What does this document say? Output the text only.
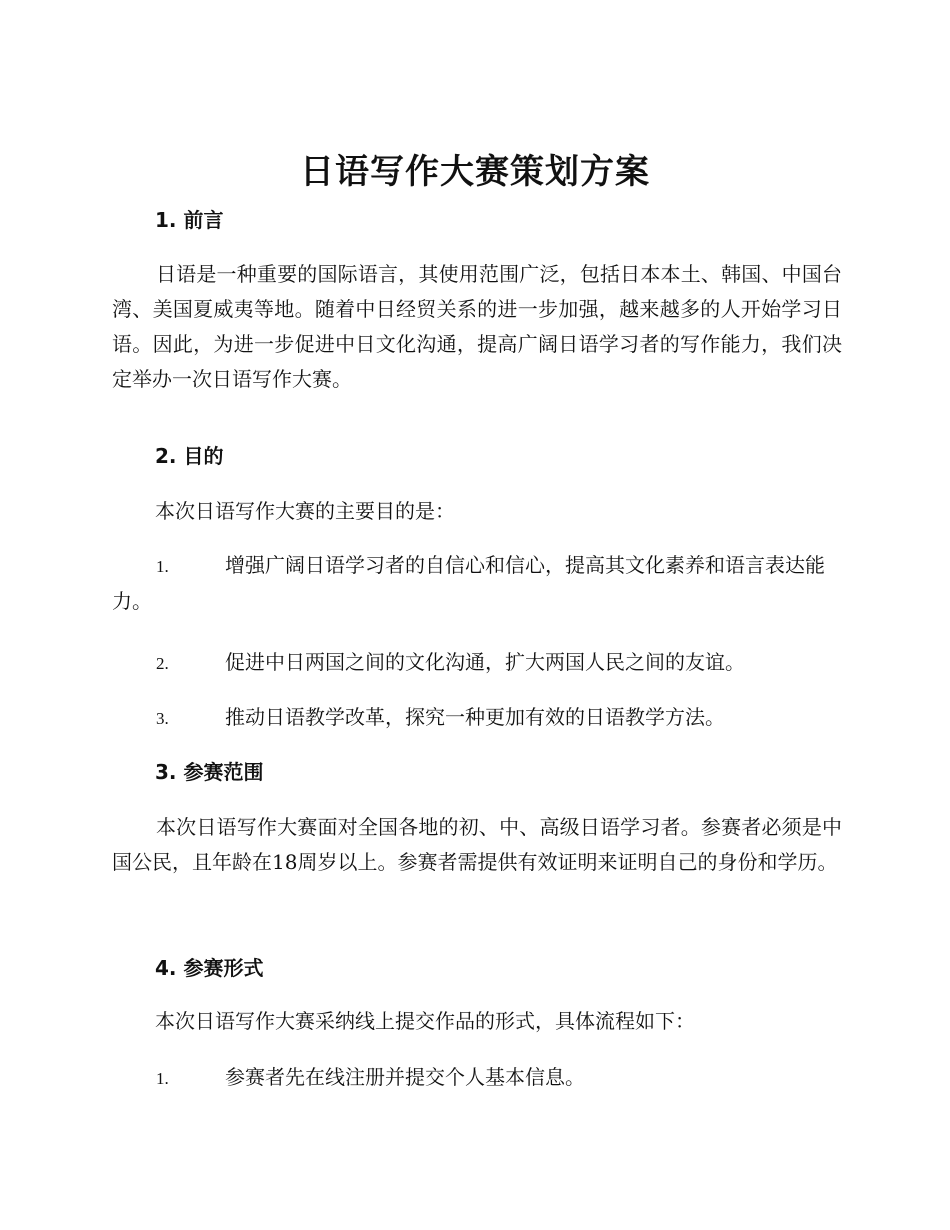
日语写作大赛策划方案
1. 前言
日语是一种重要的国际语言，其使用范围广泛，包括日本本土、韩国、中国台湾、美国夏威夷等地。随着中日经贸关系的进一步加强，越来越多的人开始学习日语。因此，为进一步促进中日文化沟通，提高广阔日语学习者的写作能力，我们决定举办一次日语写作大赛。
2. 目的
本次日语写作大赛的主要目的是：
1.	增强广阔日语学习者的自信心和信心，提高其文化素养和语言表达能力。
2.	促进中日两国之间的文化沟通，扩大两国人民之间的友谊。
3.	推动日语教学改革，探究一种更加有效的日语教学方法。
3. 参赛范围
本次日语写作大赛面对全国各地的初、中、高级日语学习者。参赛者必须是中国公民，且年龄在18周岁以上。参赛者需提供有效证明来证明自己的身份和学历。
4. 参赛形式
本次日语写作大赛采纳线上提交作品的形式，具体流程如下：
1.	参赛者先在线注册并提交个人基本信息。
